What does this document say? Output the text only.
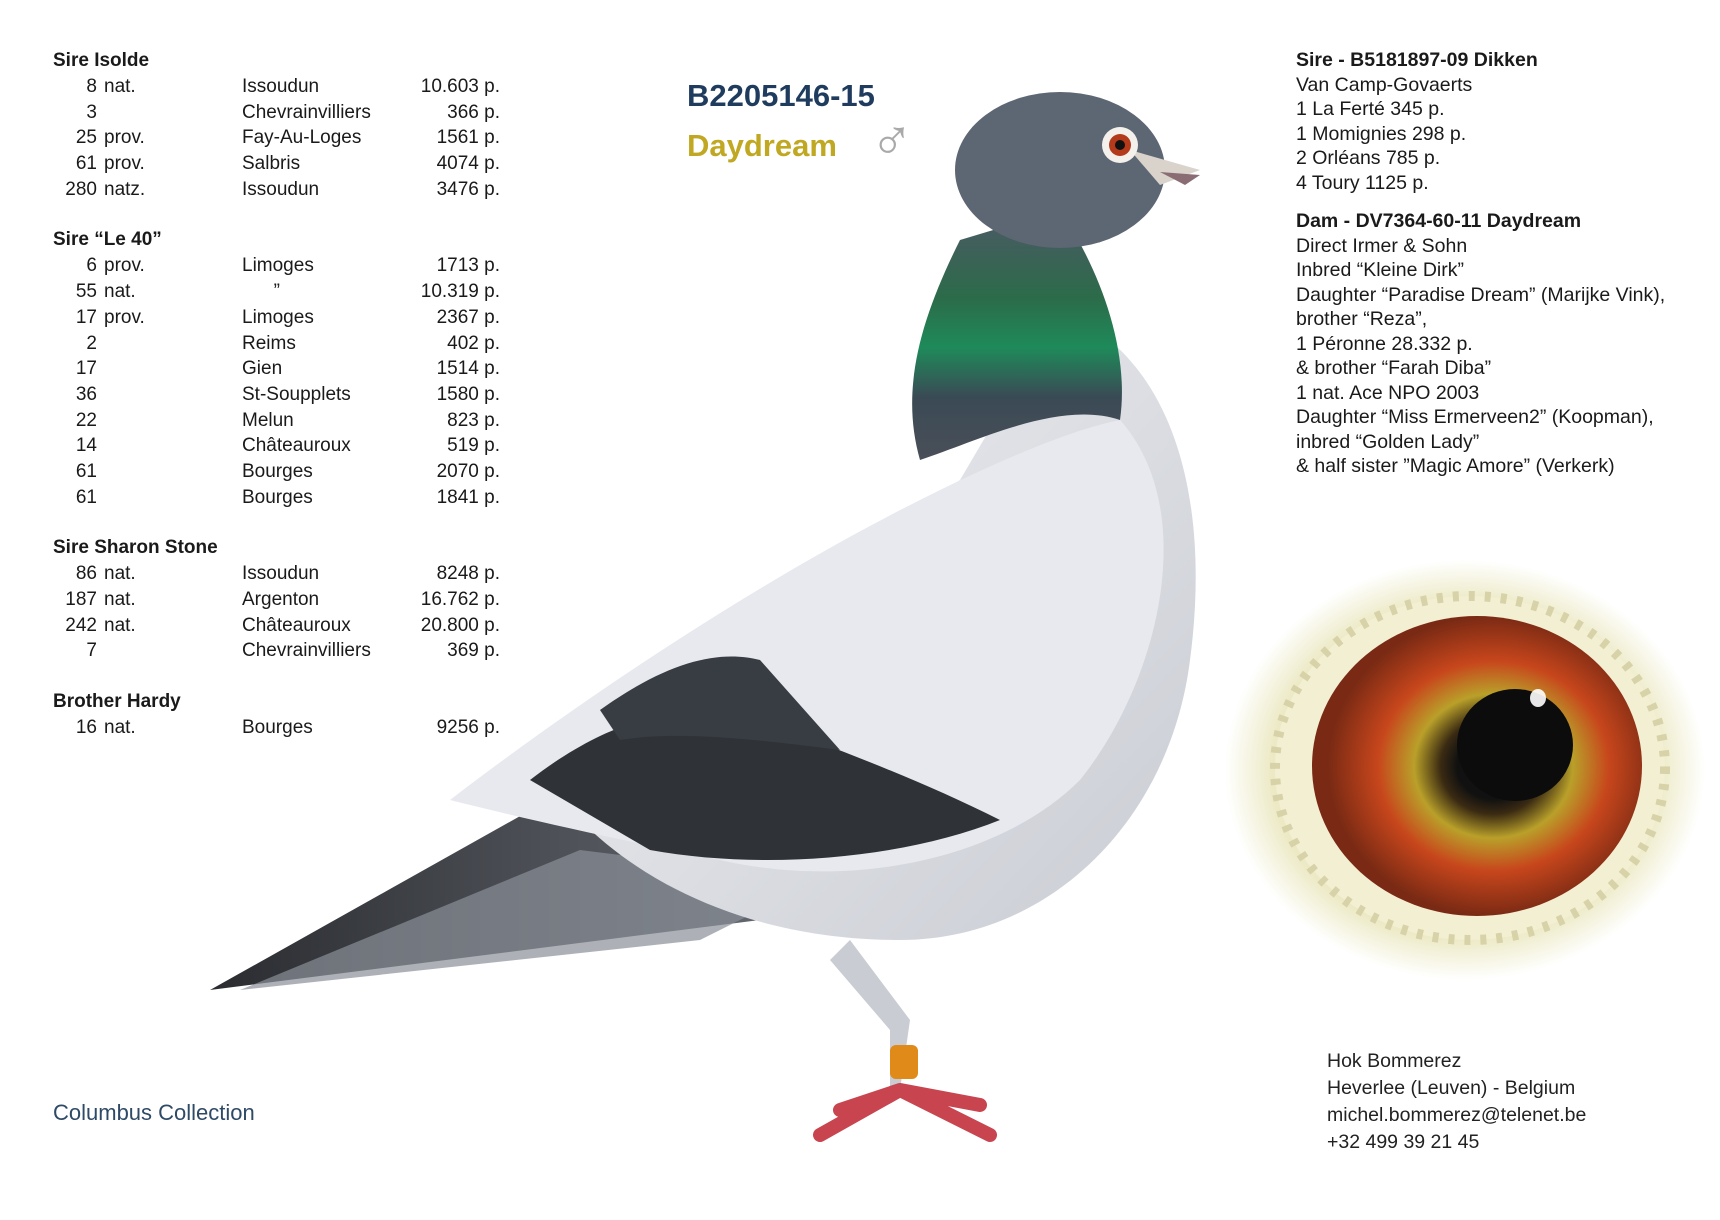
Sire Isolde
8 nat.	Issoudun	10.603 p.
3	Chevrainvilliers	366 p.
25 prov.	Fay-Au-Loges	1561 p.
61 prov.	Salbris	4074 p.
280 natz.	Issoudun	3476 p.
Sire “Le 40”
6 prov.	Limoges	1713 p.
55 nat.	”	10.319 p.
17 prov.	Limoges	2367 p.
2	Reims	402 p.
17	Gien	1514 p.
36	St-Soupplets	1580 p.
22	Melun	823 p.
14	Châteauroux	519 p.
61	Bourges	2070 p.
61	Bourges	1841 p.
Sire Sharon Stone
86 nat.	Issoudun	8248 p.
187 nat.	Argenton	16.762 p.
242 nat.	Châteauroux	20.800 p.
7	Chevrainvilliers	369 p.
Brother Hardy
16 nat.	Bourges	9256 p.
B2205146-15
Daydream ♂
Sire - B5181897-09 Dikken
Van Camp-Govaerts
1 La Ferté 345 p.
1 Momignies 298 p.
2 Orléans 785 p.
4 Toury 1125 p.
Dam - DV7364-60-11 Daydream
Direct Irmer & Sohn
Inbred “Kleine Dirk”
Daughter “Paradise Dream” (Marijke Vink),
brother “Reza”,
1 Péronne 28.332 p.
& brother “Farah Diba”
1 nat. Ace NPO 2003
Daughter “Miss Ermerveen2” (Koopman),
inbred “Golden Lady”
& half sister ”Magic Amore” (Verkerk)
Hok Bommerez
Heverlee (Leuven) - Belgium
michel.bommerez@telenet.be
+32 499 39 21 45
Columbus Collection
